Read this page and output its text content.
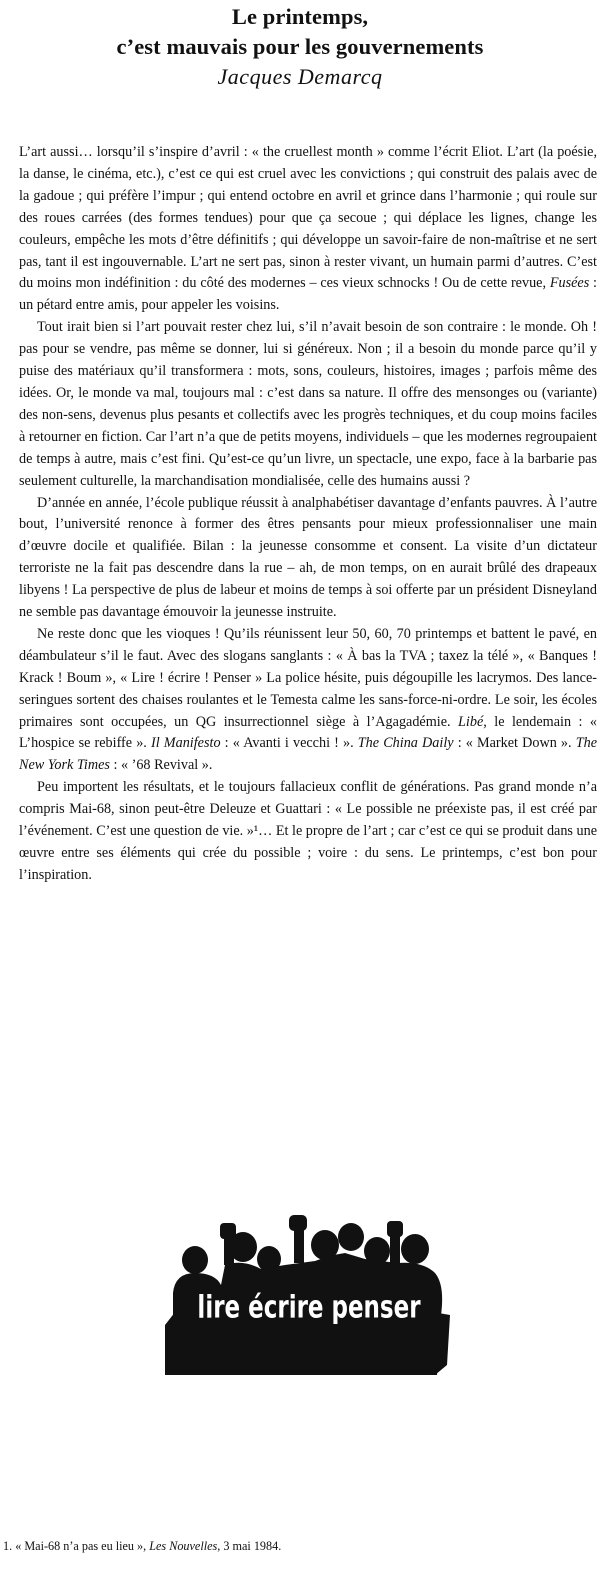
Le printemps,
c’est mauvais pour les gouvernements
Jacques Demarcq

L’art aussi… lorsqu’il s’inspire d’avril : « the cruellest month » comme l’écrit Eliot. L’art (la poésie, la danse, le cinéma, etc.), c’est ce qui est cruel avec les convictions ; qui construit des palais avec de la gadoue ; qui préfère l’impur ; qui entend octobre en avril et grince dans l’harmonie ; qui roule sur des roues carrées (des formes tendues) pour que ça secoue ; qui déplace les lignes, change les couleurs, empêche les mots d’être définitifs ; qui développe un savoir-faire de non-maîtrise et ne sert pas, tant il est ingouvernable. L’art ne sert pas, sinon à rester vivant, un humain parmi d’autres. C’est du moins mon indéfinition : du côté des modernes – ces vieux schnocks ! Ou de cette revue, Fusées : un pétard entre amis, pour appeler les voisins.

Tout irait bien si l’art pouvait rester chez lui, s’il n’avait besoin de son contraire : le monde. Oh ! pas pour se vendre, pas même se donner, lui si généreux. Non ; il a besoin du monde parce qu’il y puise des matériaux qu’il transformera : mots, sons, couleurs, histoires, images ; parfois même des idées. Or, le monde va mal, toujours mal : c’est dans sa nature. Il offre des mensonges ou (variante) des non-sens, devenus plus pesants et collectifs avec les progrès techniques, et du coup moins faciles à retourner en fiction. Car l’art n’a que de petits moyens, individuels – que les modernes regroupaient de temps à autre, mais c’est fini. Qu’est-ce qu’un livre, un spectacle, une expo, face à la barbarie pas seulement culturelle, la marchandisation mondialisée, celle des humains aussi ?

D’année en année, l’école publique réussit à analphabétiser davantage d’enfants pauvres. À l’autre bout, l’université renonce à former des êtres pensants pour mieux professionnaliser une main d’œuvre docile et qualifiée. Bilan : la jeunesse consomme et consent. La visite d’un dictateur terroriste ne la fait pas descendre dans la rue – ah, de mon temps, on en aurait brûlé des drapeaux libyens ! La perspective de plus de labeur et moins de temps à soi offerte par un président Disneyland ne semble pas davantage émouvoir la jeunesse instruite.

Ne reste donc que les vioques ! Qu’ils réunissent leur 50, 60, 70 printemps et battent le pavé, en déambulateur s’il le faut. Avec des slogans sanglants : « À bas la TVA ; taxez la télé », « Banques ! Krack ! Boum », « Lire ! écrire ! Penser » La police hésite, puis dégoupille les lacrymos. Des lance-seringues sortent des chaises roulantes et le Temesta calme les sans-force-ni-ordre. Le soir, les écoles primaires sont occupées, un QG insurrectionnel siège à l’Agagadémie. Libé, le lendemain : « L’hospice se rebiffe ». Il Manifesto : « Avanti i vecchi ! ». The China Daily : « Market Down ». The New York Times : « ’68 Revival ».

Peu importent les résultats, et le toujours fallacieux conflit de générations. Pas grand monde n’a compris Mai-68, sinon peut-être Deleuze et Guattari : « Le possible ne préexiste pas, il est créé par l’événement. C’est une question de vie. »¹… Et le propre de l’art ; car c’est ce qui se produit dans une œuvre entre ses éléments qui crée du possible ; voire : du sens. Le printemps, c’est bon pour l’inspiration.

lire écrire penser
1. « Mai-68 n’a pas eu lieu », Les Nouvelles, 3 mai 1984.
